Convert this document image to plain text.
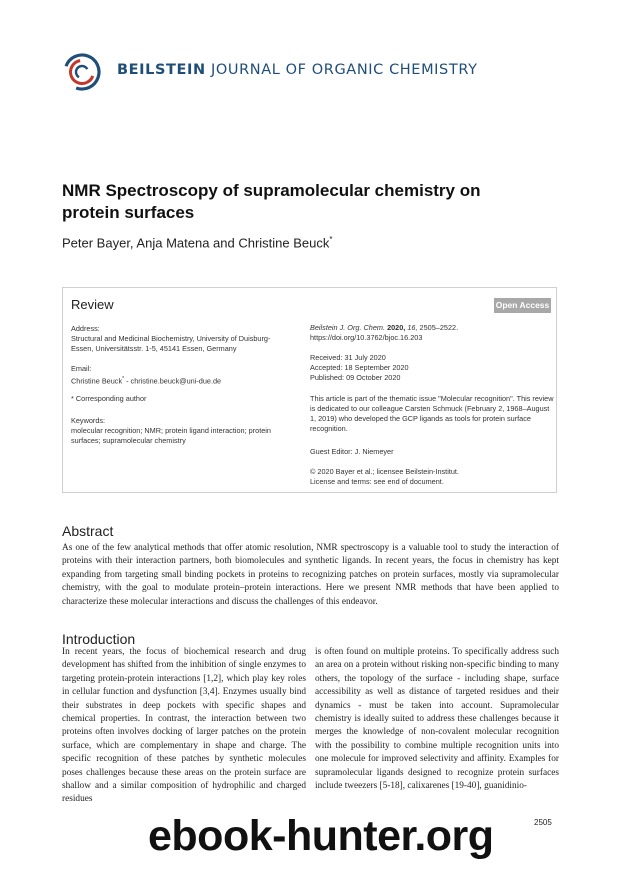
BEILSTEIN JOURNAL OF ORGANIC CHEMISTRY
NMR Spectroscopy of supramolecular chemistry on protein surfaces
Peter Bayer, Anja Matena and Christine Beuck*
Review	Open Access
Address:
Structural and Medicinal Biochemistry, University of Duisburg-Essen, Universitätsstr. 1-5, 45141 Essen, Germany
Email:
Christine Beuck* - christine.beuck@uni-due.de
* Corresponding author
Keywords:
molecular recognition; NMR; protein ligand interaction; protein surfaces; supramolecular chemistry
Beilstein J. Org. Chem. 2020, 16, 2505–2522.
https://doi.org/10.3762/bjoc.16.203
Received: 31 July 2020
Accepted: 18 September 2020
Published: 09 October 2020
This article is part of the thematic issue "Molecular recognition". This review is dedicated to our colleague Carsten Schmuck (February 2, 1968–August 1, 2019) who developed the GCP ligands as tools for protein surface recognition.
Guest Editor: J. Niemeyer
© 2020 Bayer et al.; licensee Beilstein-Institut.
License and terms: see end of document.
Abstract
As one of the few analytical methods that offer atomic resolution, NMR spectroscopy is a valuable tool to study the interaction of proteins with their interaction partners, both biomolecules and synthetic ligands. In recent years, the focus in chemistry has kept expanding from targeting small binding pockets in proteins to recognizing patches on protein surfaces, mostly via supramolecular chemistry, with the goal to modulate protein–protein interactions. Here we present NMR methods that have been applied to characterize these molecular interactions and discuss the challenges of this endeavor.
Introduction
In recent years, the focus of biochemical research and drug development has shifted from the inhibition of single enzymes to targeting protein-protein interactions [1,2], which play key roles in cellular function and dysfunction [3,4]. Enzymes usually bind their substrates in deep pockets with specific shapes and chemical properties. In contrast, the interaction between two proteins often involves docking of larger patches on the protein surface, which are complementary in shape and charge. The specific recognition of these patches by synthetic molecules poses challenges because these areas on the protein surface are shallow and a similar composition of hydrophilic and charged residues
is often found on multiple proteins. To specifically address such an area on a protein without risking non-specific binding to many others, the topology of the surface - including shape, surface accessibility as well as distance of targeted residues and their dynamics - must be taken into account. Supramolecular chemistry is ideally suited to address these challenges because it merges the knowledge of non-covalent molecular recognition with the possibility to combine multiple recognition units into one molecule for improved selectivity and affinity. Examples for supramolecular ligands designed to recognize protein surfaces include tweezers [5-18], calixarenes [19-40], guanidinio-
2505
ebook-hunter.org
